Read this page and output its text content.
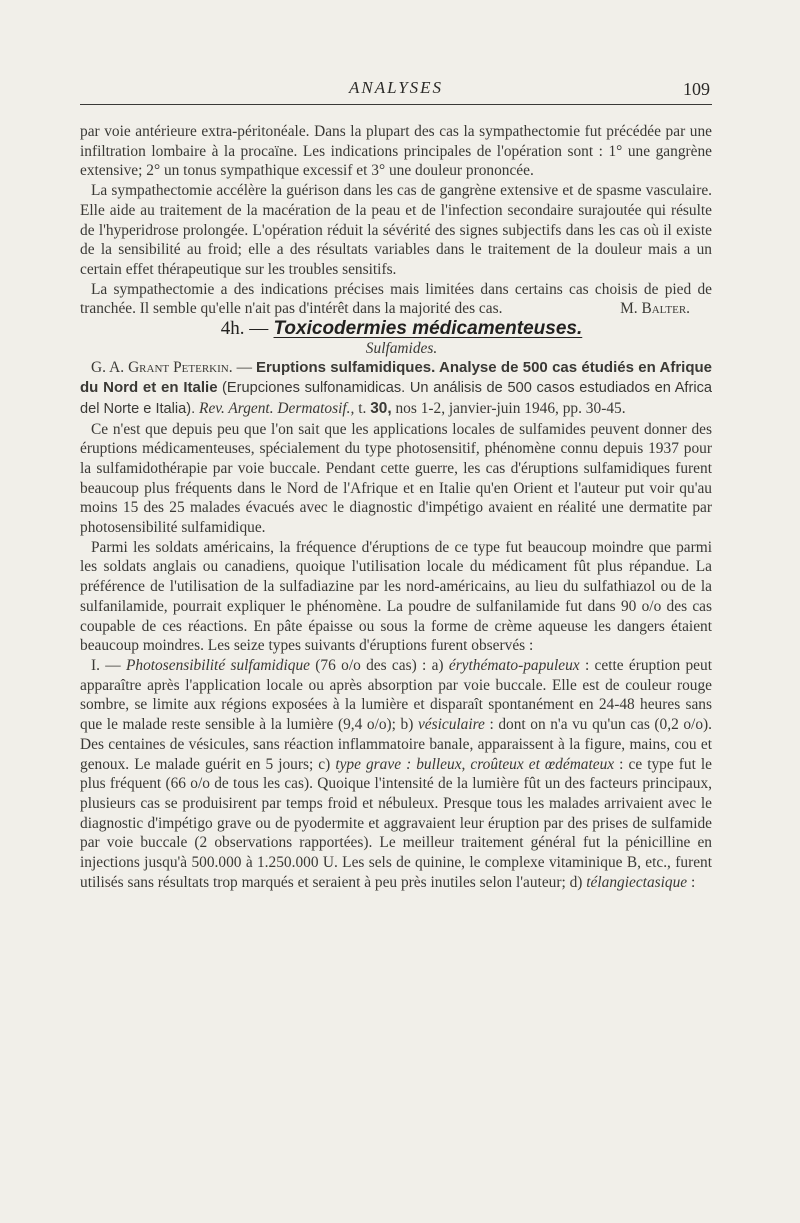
ANALYSES	109

par voie antérieure extra-péritonéale. Dans la plupart des cas la sympathectomie fut précédée par une infiltration lombaire à la procaïne. Les indications principales de l'opération sont : 1° une gangrène extensive; 2° un tonus sympathique excessif et 3° une douleur prononcée.

La sympathectomie accélère la guérison dans les cas de gangrène extensive et de spasme vasculaire. Elle aide au traitement de la macération de la peau et de l'infection secondaire surajoutée qui résulte de l'hyperidrose prolongée. L'opération réduit la sévérité des signes subjectifs dans les cas où il existe de la sensibilité au froid; elle a des résultats variables dans le traitement de la douleur mais a un certain effet thérapeutique sur les troubles sensitifs.

La sympathectomie a des indications précises mais limitées dans certains cas choisis de pied de tranchée. Il semble qu'elle n'ait pas d'intérêt dans la majorité des cas.	M. Balter.

4h. — Toxicodermies médicamenteuses.

Sulfamides.

G. A. Grant Peterkin. — Eruptions sulfamidiques. Analyse de 500 cas étudiés en Afrique du Nord et en Italie (Erupciones sulfonamidicas. Un análisis de 500 casos estudiados en Africa del Norte e Italia). Rev. Argent. Dermatosif., t. 30, nos 1-2, janvier-juin 1946, pp. 30-45.

Ce n'est que depuis peu que l'on sait que les applications locales de sulfamides peuvent donner des éruptions médicamenteuses, spécialement du type photosensitif, phénomène connu depuis 1937 pour la sulfamidothérapie par voie buccale. Pendant cette guerre, les cas d'éruptions sulfamidiques furent beaucoup plus fréquents dans le Nord de l'Afrique et en Italie qu'en Orient et l'auteur put voir qu'au moins 15 des 25 malades évacués avec le diagnostic d'impétigo avaient en réalité une dermatite par photosensibilité sulfamidique.

Parmi les soldats américains, la fréquence d'éruptions de ce type fut beaucoup moindre que parmi les soldats anglais ou canadiens, quoique l'utilisation locale du médicament fût plus répandue. La préférence de l'utilisation de la sulfadiazine par les nord-américains, au lieu du sulfathiazol ou de la sulfanilamide, pourrait expliquer le phénomène. La poudre de sulfanilamide fut dans 90 o/o des cas coupable de ces réactions. En pâte épaisse ou sous la forme de crème aqueuse les dangers étaient beaucoup moindres. Les seize types suivants d'éruptions furent observés :

I. — Photosensibilité sulfamidique (76 o/o des cas) : a) érythémato-papuleux : cette éruption peut apparaître après l'application locale ou après absorption par voie buccale. Elle est de couleur rouge sombre, se limite aux régions exposées à la lumière et disparaît spontanément en 24-48 heures sans que le malade reste sensible à la lumière (9,4 o/o); b) vésiculaire : dont on n'a vu qu'un cas (0,2 o/o). Des centaines de vésicules, sans réaction inflammatoire banale, apparaissent à la figure, mains, cou et genoux. Le malade guérit en 5 jours; c) type grave : bulleux, croûteux et œdémateux : ce type fut le plus fréquent (66 o/o de tous les cas). Quoique l'intensité de la lumière fût un des facteurs principaux, plusieurs cas se produisirent par temps froid et nébuleux. Presque tous les malades arrivaient avec le diagnostic d'impétigo grave ou de pyodermite et aggravaient leur éruption par des prises de sulfamide par voie buccale (2 observations rapportées). Le meilleur traitement général fut la pénicilline en injections jusqu'à 500.000 à 1.250.000 U. Les sels de quinine, le complexe vitaminique B, etc., furent utilisés sans résultats trop marqués et seraient à peu près inutiles selon l'auteur; d) télangiectasique :
